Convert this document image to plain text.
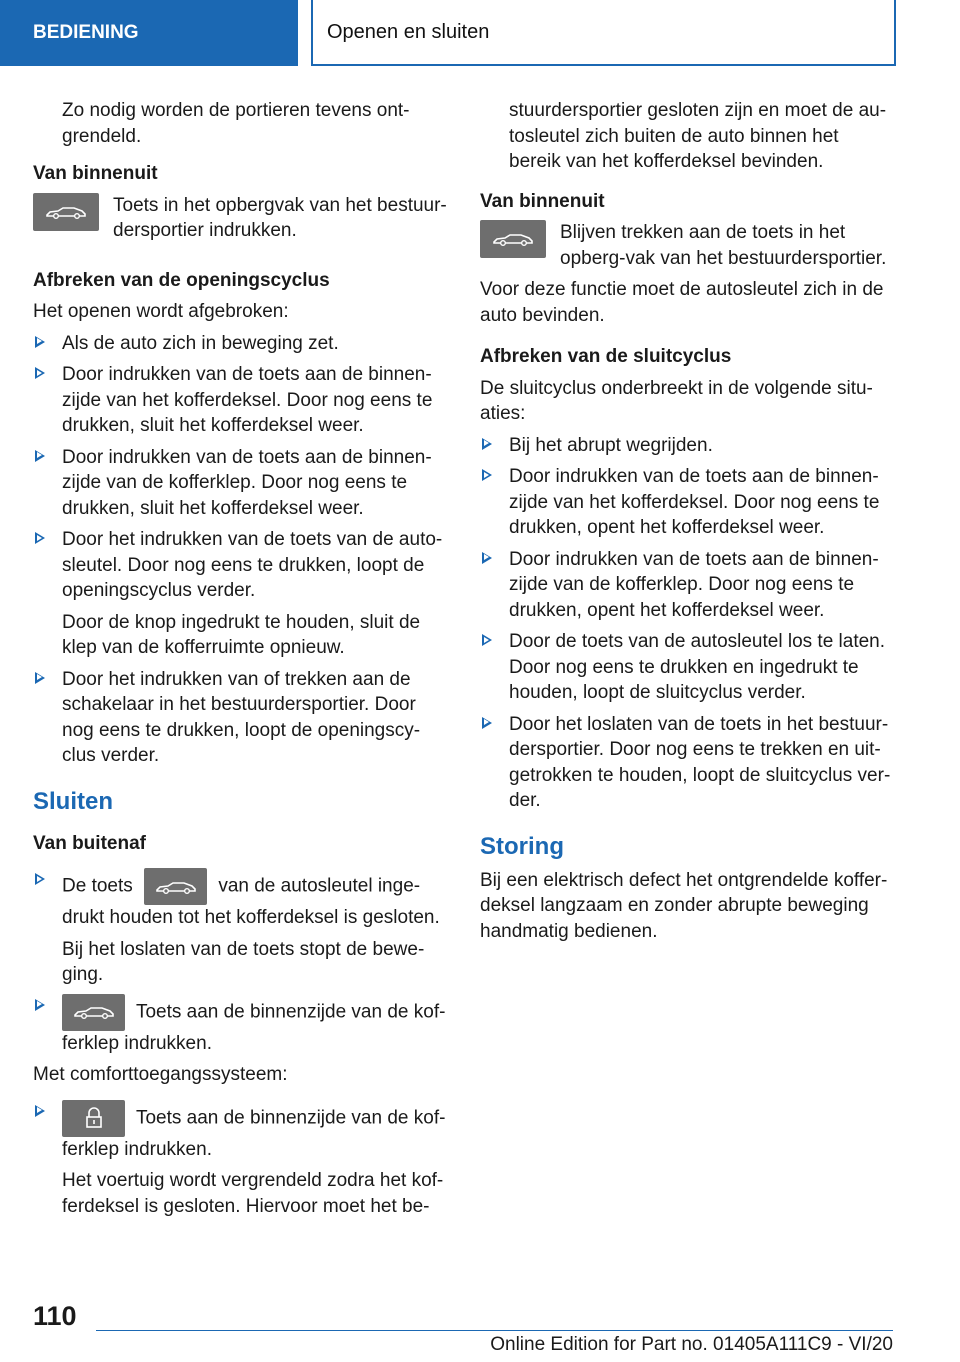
BEDIENING	Openen en sluiten

Zo nodig worden de portieren tevens ont-grendeld.

Van binnenuit
Toets in het opbergvak van het bestuur-dersportier indrukken.
Afbreken van de openingscyclus

Het openen wordt afgebroken:

Als de auto zich in beweging zet.
Door indrukken van de toets aan de binnen-zijde van het kofferdeksel. Door nog eens te drukken, sluit het kofferdeksel weer.
Door indrukken van de toets aan de binnen-zijde van de kofferklep. Door nog eens te drukken, sluit het kofferdeksel weer.

Door het indrukken van de toets van de auto-sleutel. Door nog eens te drukken, loopt de openingscyclus verder.

Door de knop ingedrukt te houden, sluit de klep van de kofferruimte opnieuw.

Door het indrukken van of trekken aan de schakelaar in het bestuurdersportier. Door nog eens te drukken, loopt de openingscy-clus verder.
Sluiten
Van buitenaf

De toets	van de autosleutel inge-drukt houden tot het kofferdeksel is gesloten.

Bij het loslaten van de toets stopt de bewe-ging.

Toets aan de binnenzijde van de kof-ferklep indrukken.

Met comforttoegangssysteem:

Toets aan de binnenzijde van de kof-ferklep indrukken.

Het voertuig wordt vergrendeld zodra het kof-ferdeksel is gesloten. Hiervoor moet het be-

stuurdersportier gesloten zijn en moet de au-tosleutel zich buiten de auto binnen het bereik van het kofferdeksel bevinden.

Van binnenuit
Blijven trekken aan de toets in het opberg-vak van het bestuurdersportier.

Voor deze functie moet de autosleutel zich in de auto bevinden.

Afbreken van de sluitcyclus

De sluitcyclus onderbreekt in de volgende situ-aties:

Bij het abrupt wegrijden.
Door indrukken van de toets aan de binnen-zijde van het kofferdeksel. Door nog eens te drukken, opent het kofferdeksel weer.
Door indrukken van de toets aan de binnen-zijde van de kofferklep. Door nog eens te drukken, opent het kofferdeksel weer.
Door de toets van de autosleutel los te laten. Door nog eens te drukken en ingedrukt te houden, loopt de sluitcyclus verder.
Door het loslaten van de toets in het bestuur-dersportier. Door nog eens te trekken en uit-getrokken te houden, loopt de sluitcyclus ver-der.
Storing

Bij een elektrisch defect het ontgrendelde koffer-deksel langzaam en zonder abrupte beweging handmatig bedienen.

110
Online Edition for Part no. 01405A111C9 - VI/20
